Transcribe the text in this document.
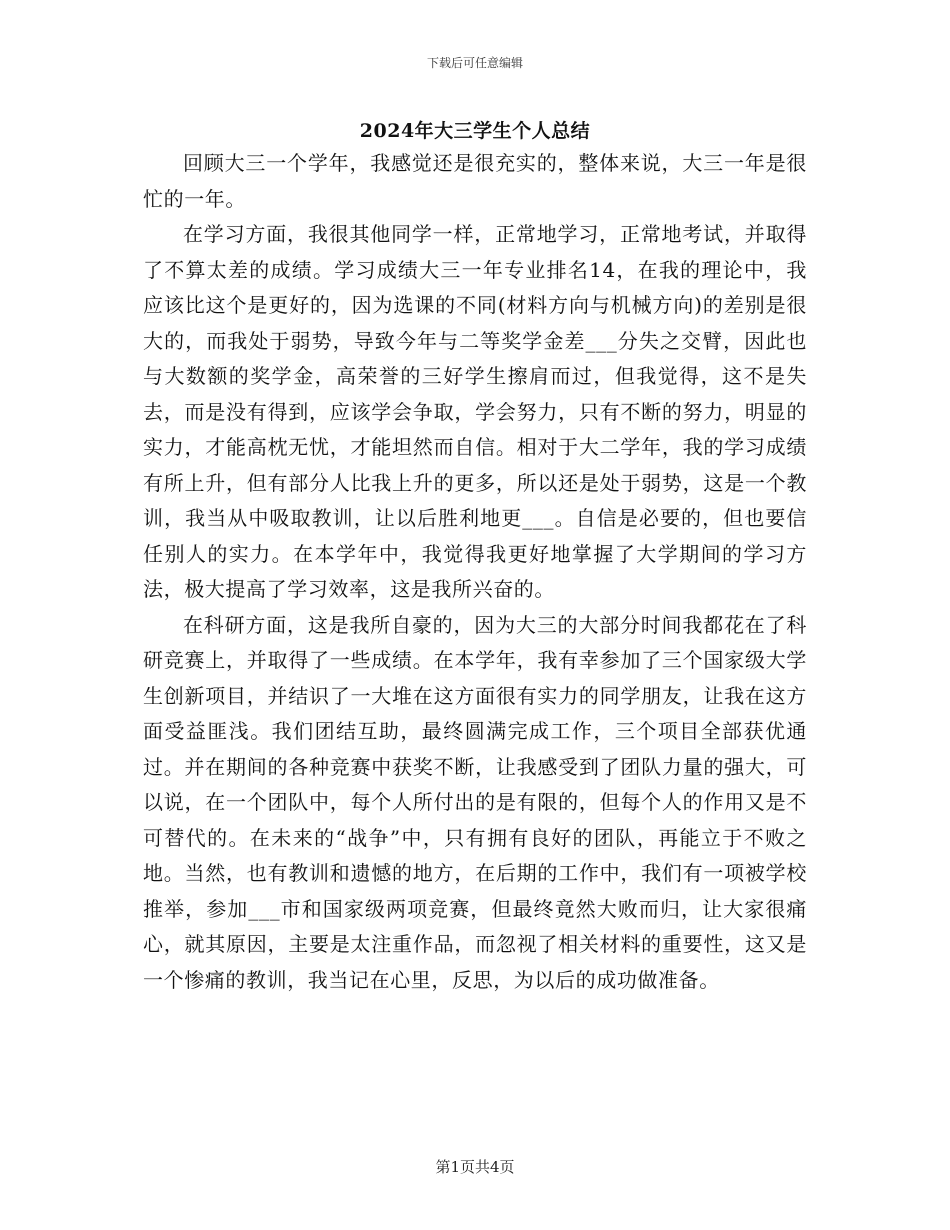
下载后可任意编辑
2024年大三学生个人总结

回顾大三一个学年，我感觉还是很充实的，整体来说，大三一年是很忙的一年。

在学习方面，我很其他同学一样，正常地学习，正常地考试，并取得了不算太差的成绩。学习成绩大三一年专业排名14，在我的理论中，我应该比这个是更好的，因为选课的不同(材料方向与机械方向)的差别是很大的，而我处于弱势，导致今年与二等奖学金差___分失之交臂，因此也与大数额的奖学金，高荣誉的三好学生擦肩而过，但我觉得，这不是失去，而是没有得到，应该学会争取，学会努力，只有不断的努力，明显的实力，才能高枕无忧，才能坦然而自信。相对于大二学年，我的学习成绩有所上升，但有部分人比我上升的更多，所以还是处于弱势，这是一个教训，我当从中吸取教训，让以后胜利地更___。自信是必要的，但也要信任别人的实力。在本学年中，我觉得我更好地掌握了大学期间的学习方法，极大提高了学习效率，这是我所兴奋的。

在科研方面，这是我所自豪的，因为大三的大部分时间我都花在了科研竞赛上，并取得了一些成绩。在本学年，我有幸参加了三个国家级大学生创新项目，并结识了一大堆在这方面很有实力的同学朋友，让我在这方面受益匪浅。我们团结互助，最终圆满完成工作，三个项目全部获优通过。并在期间的各种竞赛中获奖不断，让我感受到了团队力量的强大，可以说，在一个团队中，每个人所付出的是有限的，但每个人的作用又是不可替代的。在未来的“战争”中，只有拥有良好的团队，再能立于不败之地。当然，也有教训和遗憾的地方，在后期的工作中，我们有一项被学校推举，参加___市和国家级两项竞赛，但最终竟然大败而归，让大家很痛心，就其原因，主要是太注重作品，而忽视了相关材料的重要性，这又是一个惨痛的教训，我当记在心里，反思，为以后的成功做准备。

第1页共4页
